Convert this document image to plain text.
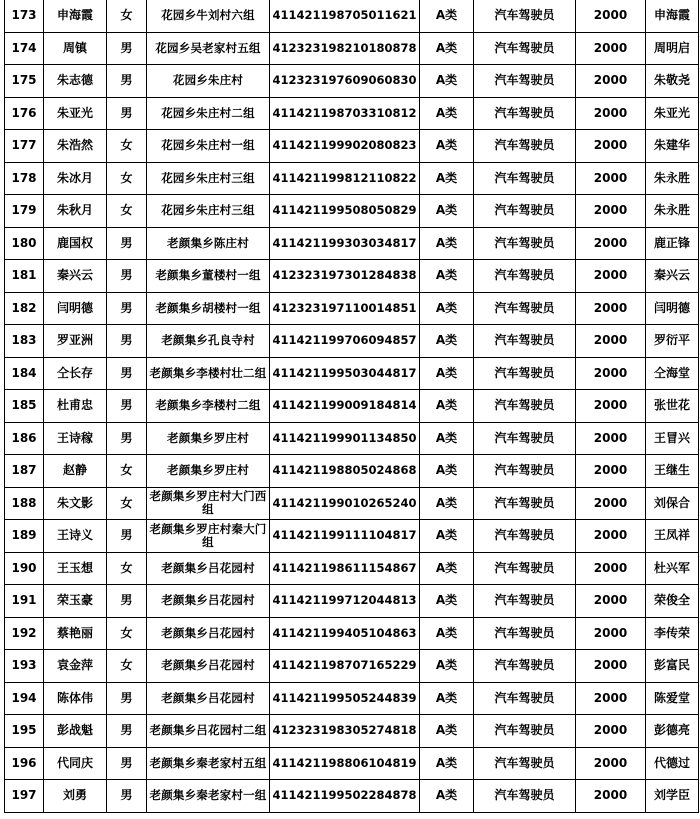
173	申海霞	女	花园乡牛刘村六组	411421198705011621	A类	汽车驾驶员	2000	申海霞
174	周镇	男	花园乡吴老家村五组	412323198210180878	A类	汽车驾驶员	2000	周明启
175	朱志德	男	花园乡朱庄村	412323197609060830	A类	汽车驾驶员	2000	朱敬尧
176	朱亚光	男	花园乡朱庄村二组	411421198703310812	A类	汽车驾驶员	2000	朱亚光
177	朱浩然	女	花园乡朱庄村一组	411421199902080823	A类	汽车驾驶员	2000	朱建华
178	朱冰月	女	花园乡朱庄村三组	411421199812110822	A类	汽车驾驶员	2000	朱永胜
179	朱秋月	女	花园乡朱庄村三组	411421199508050829	A类	汽车驾驶员	2000	朱永胜
180	鹿国权	男	老颜集乡陈庄村	411421199303034817	A类	汽车驾驶员	2000	鹿正锋
181	秦兴云	男	老颜集乡董楼村一组	412323197301284838	A类	汽车驾驶员	2000	秦兴云
182	闫明德	男	老颜集乡胡楼村一组	412323197110014851	A类	汽车驾驶员	2000	闫明德
183	罗亚洲	男	老颜集乡孔良寺村	411421199706094857	A类	汽车驾驶员	2000	罗衍平
184	仝长存	男	老颜集乡李楼村壮二组	411421199503044817	A类	汽车驾驶员	2000	仝海堂
185	杜甫忠	男	老颜集乡李楼村二组	411421199009184814	A类	汽车驾驶员	2000	张世花
186	王诗稼	男	老颜集乡罗庄村	411421199901134850	A类	汽车驾驶员	2000	王冒兴
187	赵静	女	老颜集乡罗庄村	411421198805024868	A类	汽车驾驶员	2000	王继生
188	朱文影	女	老颜集乡罗庄村大门西组	411421199010265240	A类	汽车驾驶员	2000	刘保合
189	王诗义	男	老颜集乡罗庄村秦大门组	411421199111104817	A类	汽车驾驶员	2000	王凤祥
190	王玉想	女	老颜集乡吕花园村	411421198611154867	A类	汽车驾驶员	2000	杜兴军
191	荣玉豪	男	老颜集乡吕花园村	411421199712044813	A类	汽车驾驶员	2000	荣俊全
192	蔡艳丽	女	老颜集乡吕花园村	411421199405104863	A类	汽车驾驶员	2000	李传荣
193	袁金萍	女	老颜集乡吕花园村	411421198707165229	A类	汽车驾驶员	2000	彭富民
194	陈体伟	男	老颜集乡吕花园村	411421199505244839	A类	汽车驾驶员	2000	陈爱堂
195	彭战魁	男	老颜集乡吕花园村二组	412323198305274818	A类	汽车驾驶员	2000	彭德亮
196	代同庆	男	老颜集乡秦老家村五组	411421198806104819	A类	汽车驾驶员	2000	代德过
197	刘勇	男	老颜集乡秦老家村一组	411421199502284878	A类	汽车驾驶员	2000	刘学臣
